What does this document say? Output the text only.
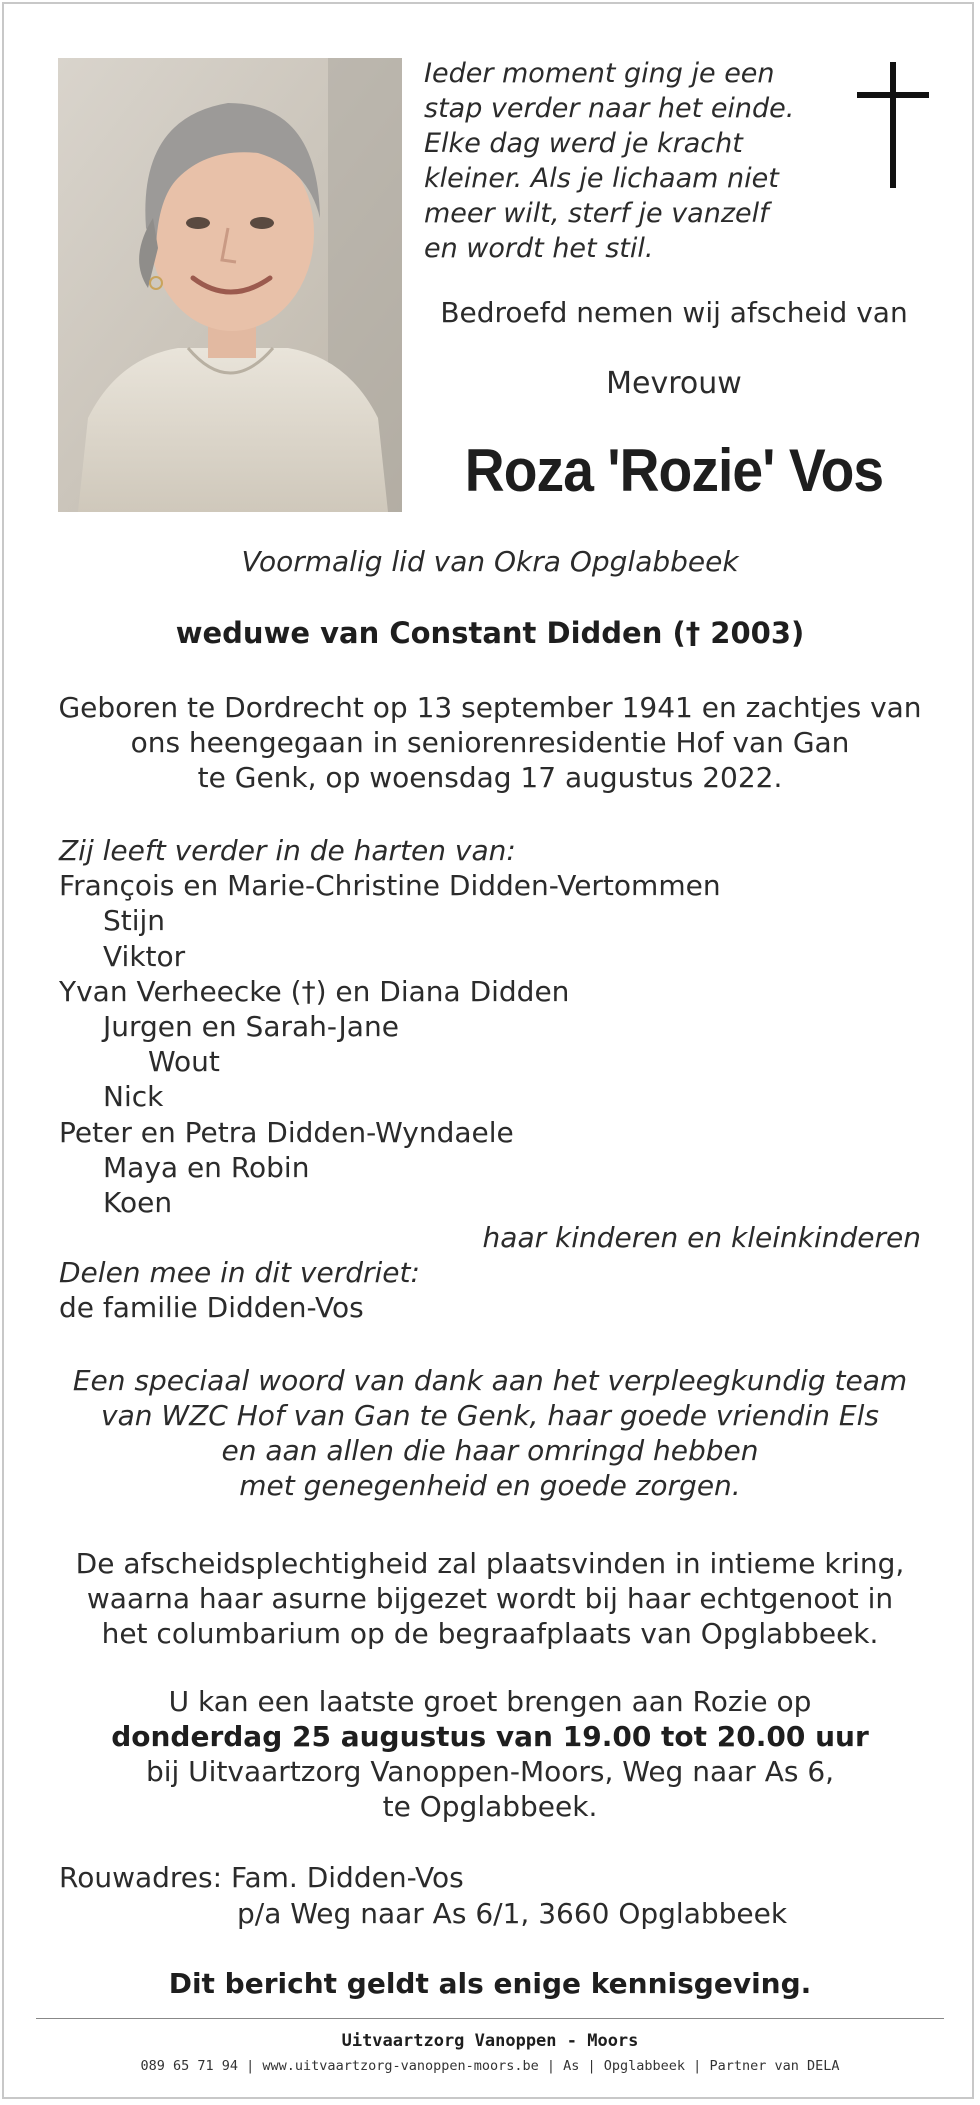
Ieder moment ging je een
stap verder naar het einde.
Elke dag werd je kracht
kleiner. Als je lichaam niet
meer wilt, sterf je vanzelf
en wordt het stil.
Bedroefd nemen wij afscheid van
Mevrouw
Roza 'Rozie' Vos
Voormalig lid van Okra Opglabbeek
weduwe van Constant Didden († 2003)
Geboren te Dordrecht op 13 september 1941 en zachtjes van
ons heengegaan in seniorenresidentie Hof van Gan
te Genk, op woensdag 17 augustus 2022.
Zij leeft verder in de harten van:
François en Marie-Christine Didden-Vertommen
Stijn
Viktor
Yvan Verheecke (†) en Diana Didden
Jurgen en Sarah-Jane
Wout
Nick
Peter en Petra Didden-Wyndaele
Maya en Robin
Koen
haar kinderen en kleinkinderen
Delen mee in dit verdriet:
de familie Didden-Vos
Een speciaal woord van dank aan het verpleegkundig team
van WZC Hof van Gan te Genk, haar goede vriendin Els
en aan allen die haar omringd hebben
met genegenheid en goede zorgen.
De afscheidsplechtigheid zal plaatsvinden in intieme kring,
waarna haar asurne bijgezet wordt bij haar echtgenoot in
het columbarium op de begraafplaats van Opglabbeek.
U kan een laatste groet brengen aan Rozie op
donderdag 25 augustus van 19.00 tot 20.00 uur
bij Uitvaartzorg Vanoppen-Moors, Weg naar As 6,
te Opglabbeek.
Rouwadres: Fam. Didden-Vos
p/a Weg naar As 6/1, 3660 Opglabbeek
Dit bericht geldt als enige kennisgeving.
Uitvaartzorg Vanoppen - Moors
089 65 71 94 | www.uitvaartzorg-vanoppen-moors.be | As | Opglabbeek | Partner van DELA
